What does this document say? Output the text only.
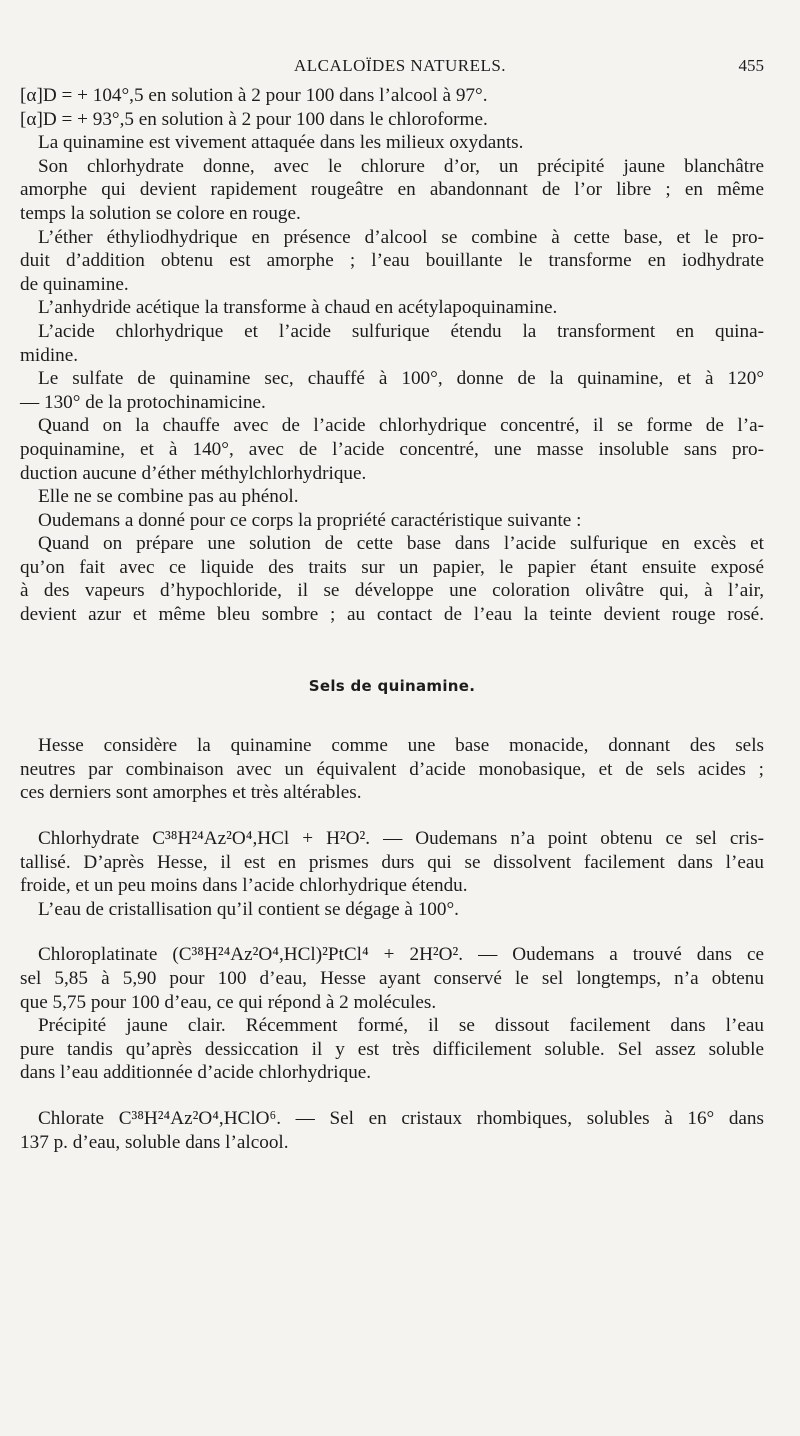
ALCALOÏDES NATURELS.	455
[α]D = + 104°,5 en solution à 2 pour 100 dans l’alcool à 97°.
[α]D = + 93°,5 en solution à 2 pour 100 dans le chloroforme.
La quinamine est vivement attaquée dans les milieux oxydants.
Son chlorhydrate donne, avec le chlorure d’or, un précipité jaune blanchâtre
amorphe qui devient rapidement rougeâtre en abandonnant de l’or libre ; en même
temps la solution se colore en rouge.
L’éther éthyliodhydrique en présence d’alcool se combine à cette base, et le pro-
duit d’addition obtenu est amorphe ; l’eau bouillante le transforme en iodhydrate
de quinamine.
L’anhydride acétique la transforme à chaud en acétylapoquinamine.
L’acide chlorhydrique et l’acide sulfurique étendu la transforment en quina-
midine.
Le sulfate de quinamine sec, chauffé à 100°, donne de la quinamine, et à 120°
— 130° de la protochinamicine.
Quand on la chauffe avec de l’acide chlorhydrique concentré, il se forme de l’a-
poquinamine, et à 140°, avec de l’acide concentré, une masse insoluble sans pro-
duction aucune d’éther méthylchlorhydrique.
Elle ne se combine pas au phénol.
Oudemans a donné pour ce corps la propriété caractéristique suivante :
Quand on prépare une solution de cette base dans l’acide sulfurique en excès et
qu’on fait avec ce liquide des traits sur un papier, le papier étant ensuite exposé
à des vapeurs d’hypochloride, il se développe une coloration olivâtre qui, à l’air,
devient azur et même bleu sombre ; au contact de l’eau la teinte devient rouge rosé.
Sels de quinamine.
Hesse considère la quinamine comme une base monacide, donnant des sels
neutres par combinaison avec un équivalent d’acide monobasique, et de sels acides ;
ces derniers sont amorphes et très altérables.
Chlorhydrate C³⁸H²⁴Az²O⁴,HCl + H²O². — Oudemans n’a point obtenu ce sel cris-
tallisé. D’après Hesse, il est en prismes durs qui se dissolvent facilement dans l’eau
froide, et un peu moins dans l’acide chlorhydrique étendu.
L’eau de cristallisation qu’il contient se dégage à 100°.
Chloroplatinate (C³⁸H²⁴Az²O⁴,HCl)²PtCl⁴ + 2H²O². — Oudemans a trouvé dans ce
sel 5,85 à 5,90 pour 100 d’eau, Hesse ayant conservé le sel longtemps, n’a obtenu
que 5,75 pour 100 d’eau, ce qui répond à 2 molécules.
Précipité jaune clair. Récemment formé, il se dissout facilement dans l’eau
pure tandis qu’après dessiccation il y est très difficilement soluble. Sel assez soluble
dans l’eau additionnée d’acide chlorhydrique.
Chlorate C³⁸H²⁴Az²O⁴,HClO⁶. — Sel en cristaux rhombiques, solubles à 16° dans
137 p. d’eau, soluble dans l’alcool.
